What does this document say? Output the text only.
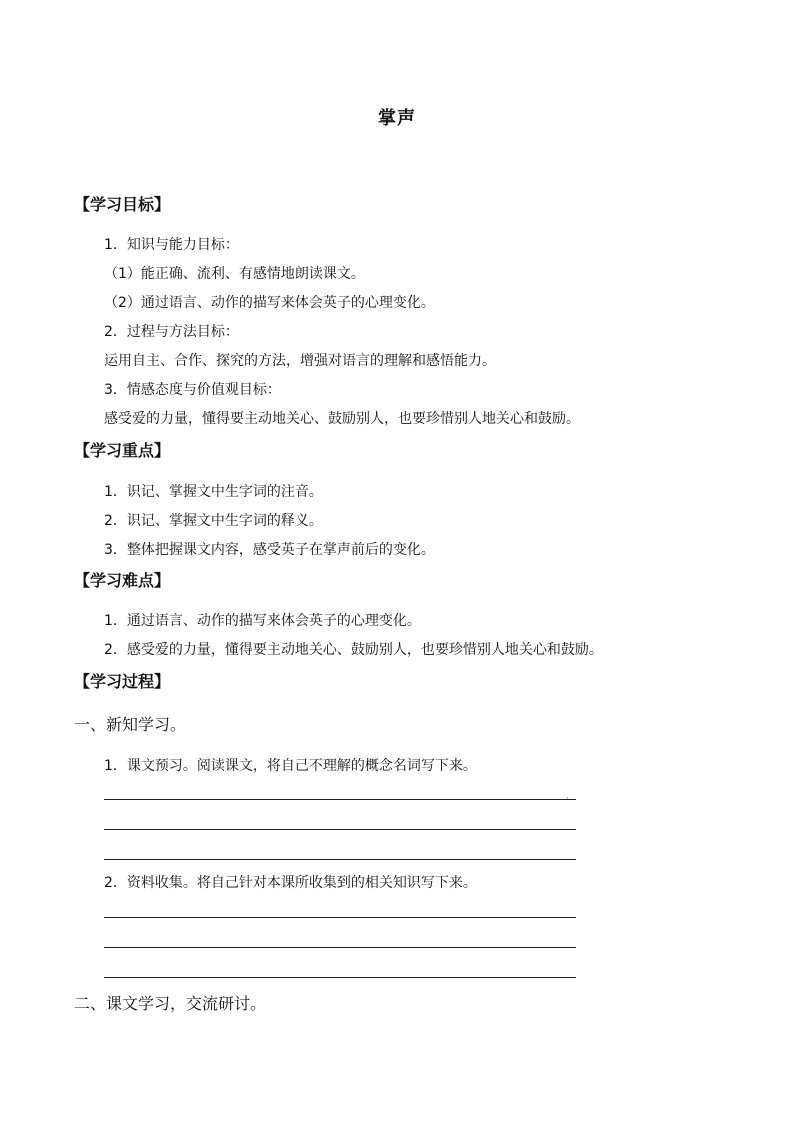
掌声
【学习目标】
1．知识与能力目标：
（1）能正确、流利、有感情地朗读课文。
（2）通过语言、动作的描写来体会英子的心理变化。
2．过程与方法目标：
运用自主、合作、探究的方法，增强对语言的理解和感悟能力。
3．情感态度与价值观目标：
感受爱的力量，懂得要主动地关心、鼓励别人，也要珍惜别人地关心和鼓励。
【学习重点】
1．识记、掌握文中生字词的注音。
2．识记、掌握文中生字词的释义。
3．整体把握课文内容，感受英子在掌声前后的变化。
【学习难点】
1．通过语言、动作的描写来体会英子的心理变化。
2．感受爱的力量，懂得要主动地关心、鼓励别人，也要珍惜别人地关心和鼓励。
【学习过程】
一、新知学习。
1．课文预习。阅读课文，将自己不理解的概念名词写下来。
,
2．资料收集。将自己针对本课所收集到的相关知识写下来。
二、课文学习，交流研讨。
